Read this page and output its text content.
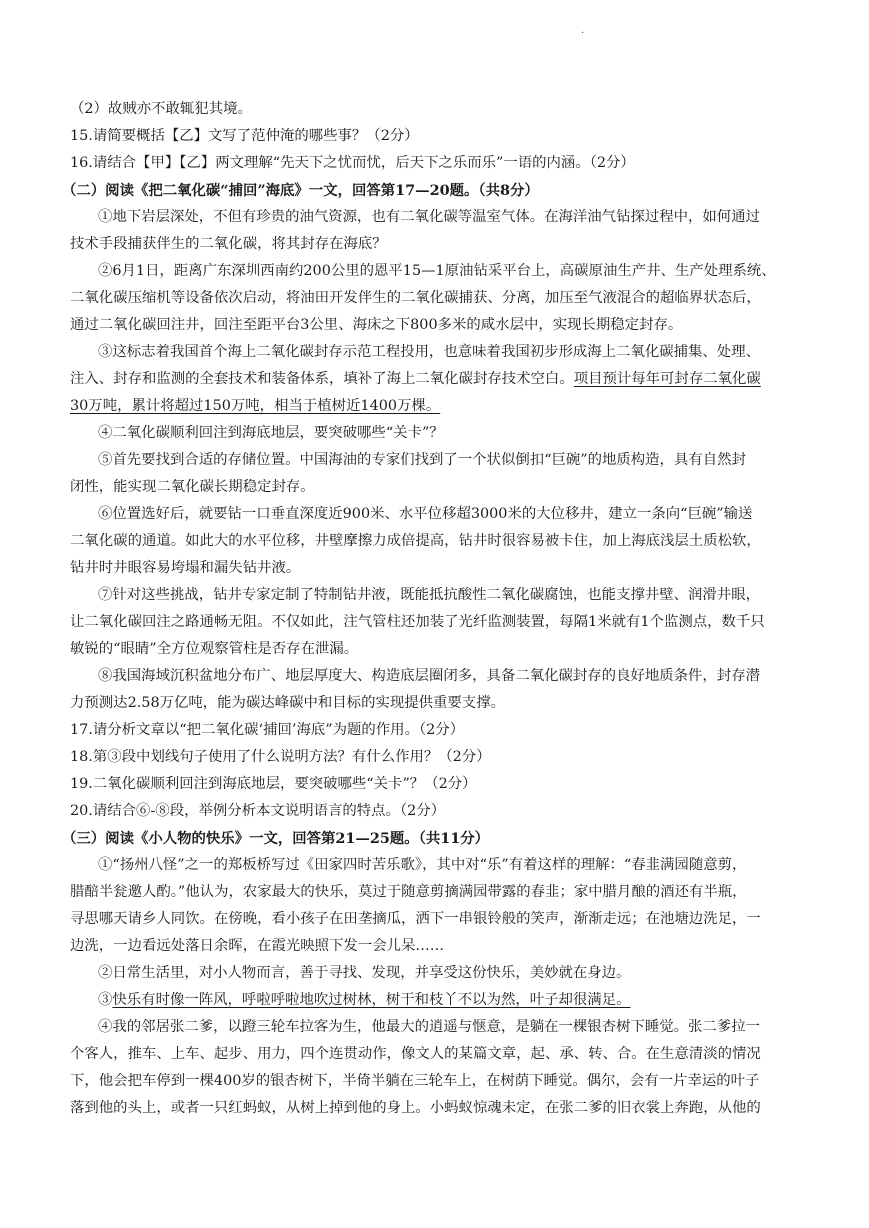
·
（2）故贼亦不敢辄犯其境。
15.请简要概括【乙】文写了范仲淹的哪些事？（2分）
16.请结合【甲】【乙】两文理解“先天下之忧而忧，后天下之乐而乐”一语的内涵。（2分）
（二）阅读《把二氧化碳“捕回”海底》一文，回答第17—20题。（共8分）
①地下岩层深处，不但有珍贵的油气资源，也有二氧化碳等温室气体。在海洋油气钻探过程中，如何通过
技术手段捕获伴生的二氧化碳，将其封存在海底？
②6月1日，距离广东深圳西南约200公里的恩平15—1原油钻采平台上，高碳原油生产井、生产处理系统、
二氧化碳压缩机等设备依次启动，将油田开发伴生的二氧化碳捕获、分离，加压至气液混合的超临界状态后，
通过二氧化碳回注井，回注至距平台3公里、海床之下800多米的咸水层中，实现长期稳定封存。
③这标志着我国首个海上二氧化碳封存示范工程投用，也意味着我国初步形成海上二氧化碳捕集、处理、
注入、封存和监测的全套技术和装备体系，填补了海上二氧化碳封存技术空白。项目预计每年可封存二氧化碳
30万吨，累计将超过150万吨，相当于植树近1400万棵。
④二氧化碳顺利回注到海底地层，要突破哪些“关卡”？
⑤首先要找到合适的存储位置。中国海油的专家们找到了一个状似倒扣“巨碗”的地质构造，具有自然封
闭性，能实现二氧化碳长期稳定封存。
⑥位置选好后，就要钻一口垂直深度近900米、水平位移超3000米的大位移井，建立一条向“巨碗”输送
二氧化碳的通道。如此大的水平位移，井壁摩擦力成倍提高，钻井时很容易被卡住，加上海底浅层土质松软，
钻井时井眼容易垮塌和漏失钻井液。
⑦针对这些挑战，钻井专家定制了特制钻井液，既能抵抗酸性二氧化碳腐蚀，也能支撑井壁、润滑井眼，
让二氧化碳回注之路通畅无阻。不仅如此，注气管柱还加装了光纤监测装置，每隔1米就有1个监测点，数千只
敏锐的“眼睛”全方位观察管柱是否存在泄漏。
⑧我国海域沉积盆地分布广、地层厚度大、构造底层圈闭多，具备二氧化碳封存的良好地质条件，封存潜
力预测达2.58万亿吨，能为碳达峰碳中和目标的实现提供重要支撑。
17.请分析文章以“把二氧化碳‘捕回’海底”为题的作用。（2分）
18.第③段中划线句子使用了什么说明方法？有什么作用？（2分）
19.二氧化碳顺利回注到海底地层，要突破哪些“关卡”？（2分）
20.请结合⑥-⑧段，举例分析本文说明语言的特点。（2分）
（三）阅读《小人物的快乐》一文，回答第21—25题。（共11分）
①“扬州八怪”之一的郑板桥写过《田家四时苦乐歌》，其中对“乐”有着这样的理解：“春韭满园随意剪，
腊醅半瓮邀人酌。”他认为，农家最大的快乐，莫过于随意剪摘满园带露的春韭；家中腊月酿的酒还有半瓶，
寻思哪天请乡人同饮。在傍晚，看小孩子在田垄摘瓜，洒下一串银铃般的笑声，渐渐走远；在池塘边洗足，一
边洗，一边看远处落日余晖，在霞光映照下发一会儿呆……
②日常生活里，对小人物而言，善于寻找、发现，并享受这份快乐，美妙就在身边。
③快乐有时像一阵风，呼啦呼啦地吹过树林，树干和枝丫不以为然，叶子却很满足。
④我的邻居张二爹，以蹬三轮车拉客为生，他最大的逍遥与惬意，是躺在一棵银杏树下睡觉。张二爹拉一
个客人，推车、上车、起步、用力，四个连贯动作，像文人的某篇文章，起、承、转、合。在生意清淡的情况
下，他会把车停到一棵400岁的银杏树下，半倚半躺在三轮车上，在树荫下睡觉。偶尔，会有一片幸运的叶子
落到他的头上，或者一只红蚂蚁，从树上掉到他的身上。小蚂蚁惊魂未定，在张二爹的旧衣裳上奔跑，从他的
